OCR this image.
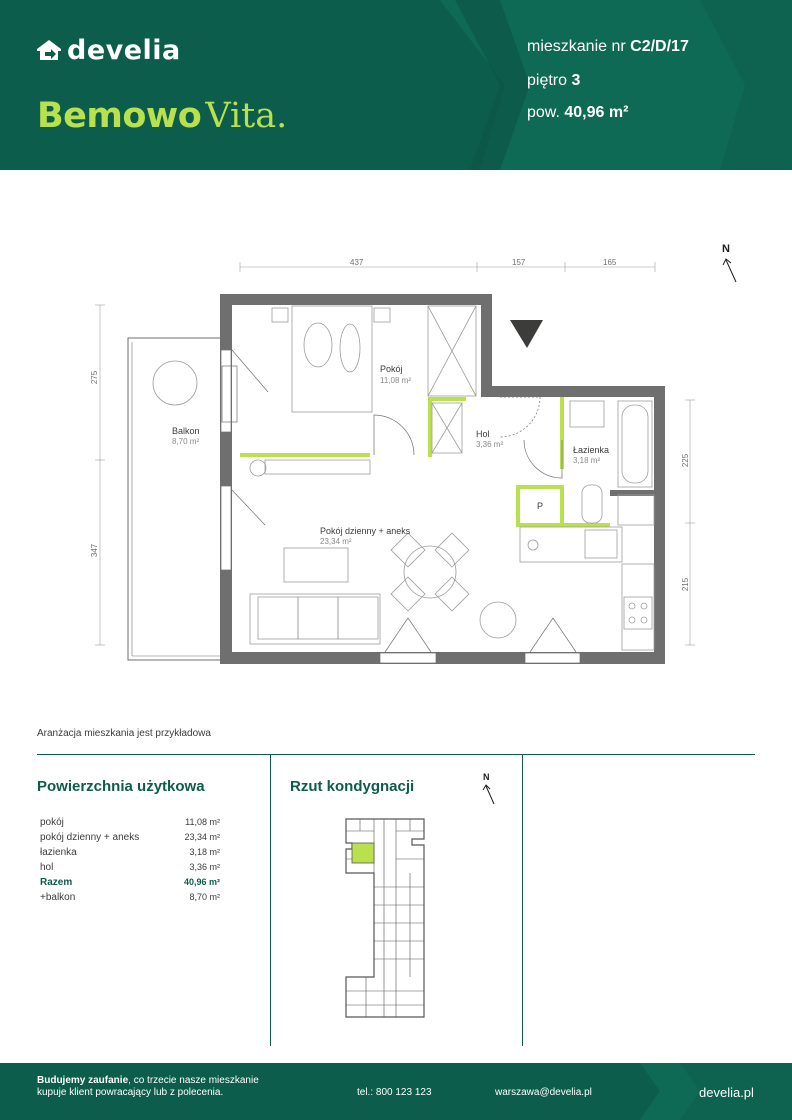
develia
Bemowo Vita.
mieszkanie nr C2/D/17
piętro 3
pow. 40,96 m²
Pokój
11,08 m²
Balkon
8,70 m²
Hol
3,36 m²
Łazienka
3,18 m²
Pokój dzienny + aneks
23,34 m²
P
437	157	165
275
347
225
215
N
Aranżacja mieszkania jest przykładowa
Powierzchnia użytkowa
pokój	11,08 m²
pokój dzienny + aneks	23,34 m²
łazienka	3,18 m²
hol	3,36 m²
Razem	40,96 m²
+balkon	8,70 m²
Rzut kondygnacji
N
Budujemy zaufanie, co trzecie nasze mieszkanie
kupuje klient powracający lub z polecenia.	tel.: 800 123 123	warszawa@develia.pl	develia.pl
